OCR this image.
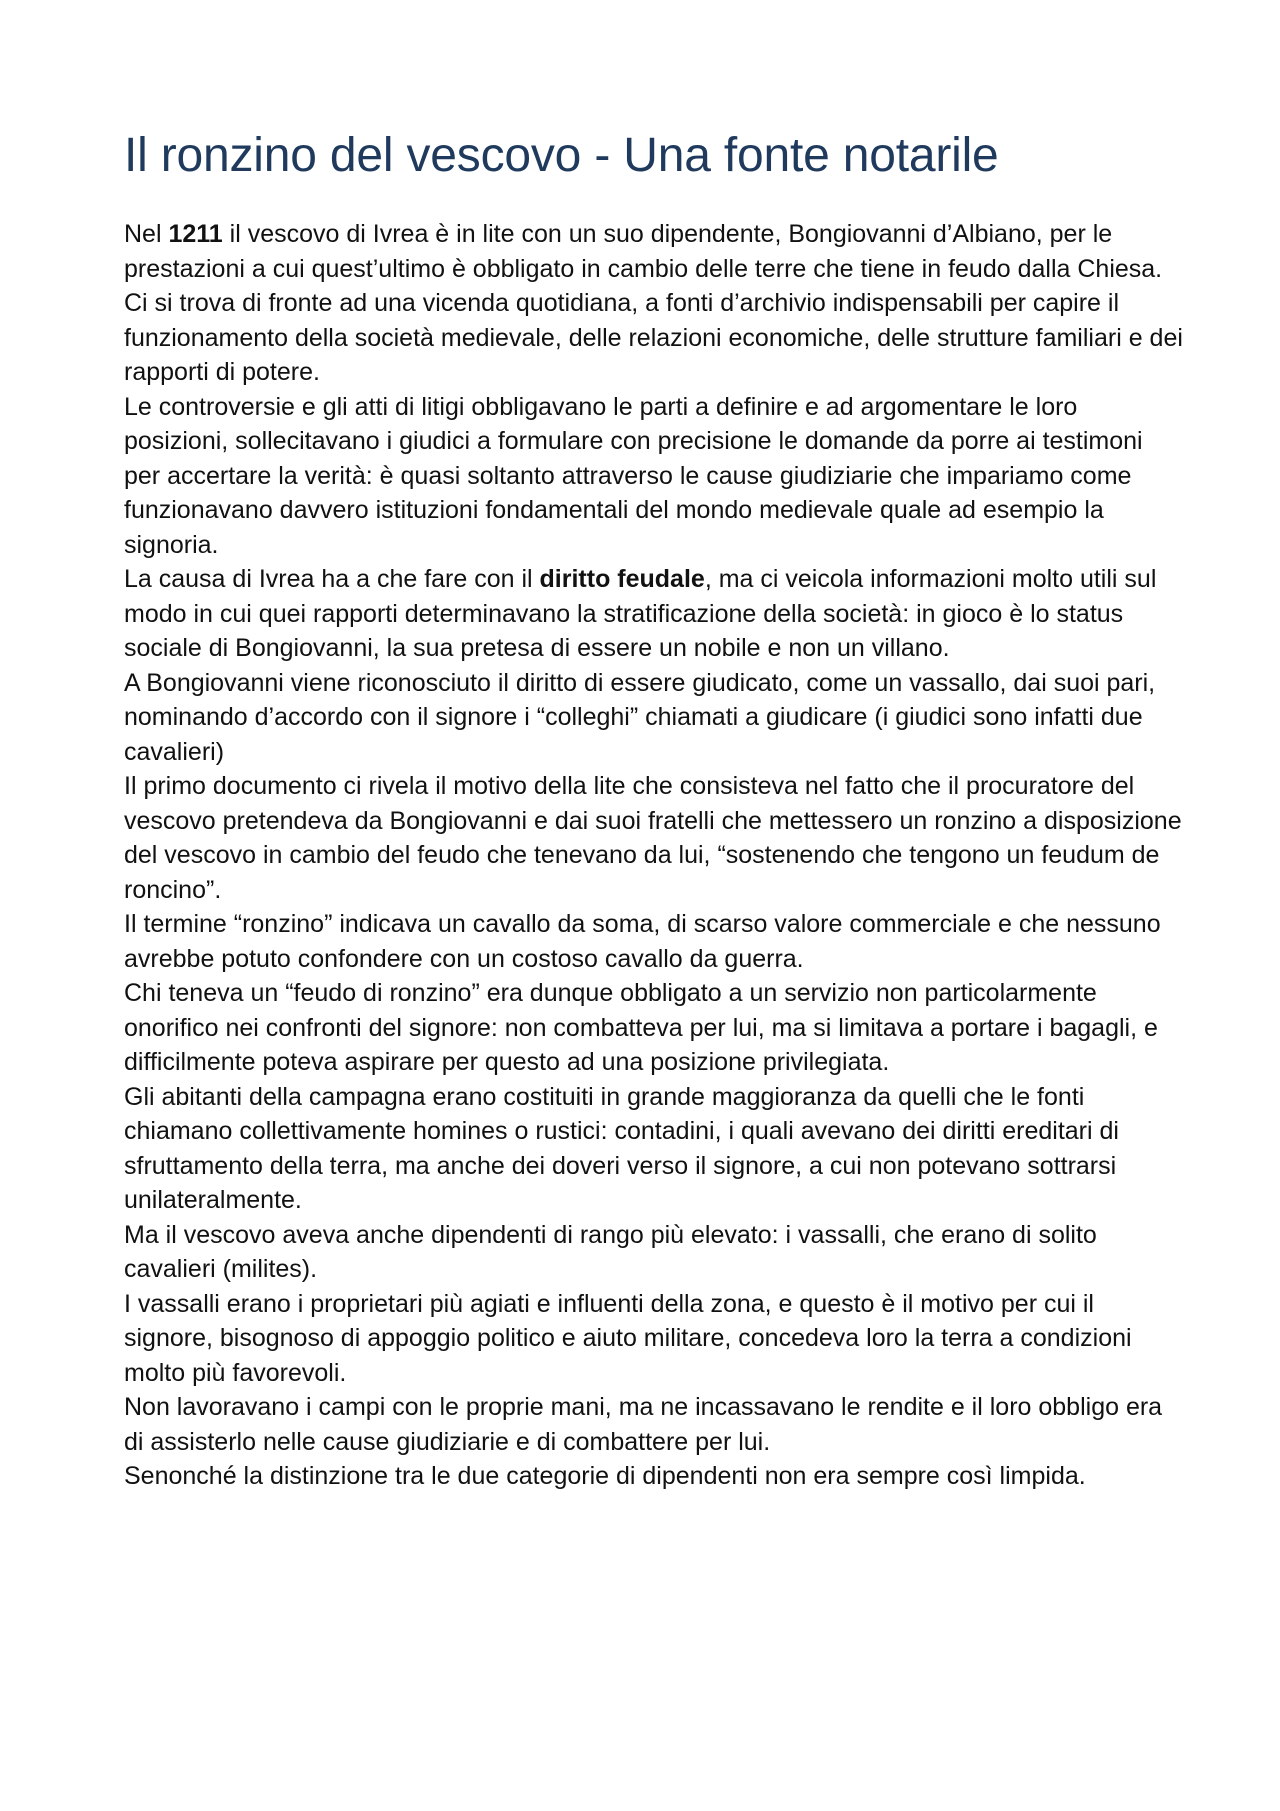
Il ronzino del vescovo - Una fonte notarile

Nel 1211 il vescovo di Ivrea è in lite con un suo dipendente, Bongiovanni d’Albiano, per le prestazioni a cui quest’ultimo è obbligato in cambio delle terre che tiene in feudo dalla Chiesa.

Ci si trova di fronte ad una vicenda quotidiana, a fonti d’archivio indispensabili per capire il funzionamento della società medievale, delle relazioni economiche, delle strutture familiari e dei rapporti di potere.

Le controversie e gli atti di litigi obbligavano le parti a definire e ad argomentare le loro posizioni, sollecitavano i giudici a formulare con precisione le domande da porre ai testimoni per accertare la verità: è quasi soltanto attraverso le cause giudiziarie che impariamo come funzionavano davvero istituzioni fondamentali del mondo medievale quale ad esempio la signoria.

La causa di Ivrea ha a che fare con il diritto feudale, ma ci veicola informazioni molto utili sul modo in cui quei rapporti determinavano la stratificazione della società: in gioco è lo status sociale di Bongiovanni, la sua pretesa di essere un nobile e non un villano.

A Bongiovanni viene riconosciuto il diritto di essere giudicato, come un vassallo, dai suoi pari, nominando d’accordo con il signore i “colleghi” chiamati a giudicare (i giudici sono infatti due cavalieri)

Il primo documento ci rivela il motivo della lite che consisteva nel fatto che il procuratore del vescovo pretendeva da Bongiovanni e dai suoi fratelli che mettessero un ronzino a disposizione del vescovo in cambio del feudo che tenevano da lui, “sostenendo che tengono un feudum de roncino”.

Il termine “ronzino” indicava un cavallo da soma, di scarso valore commerciale e che nessuno avrebbe potuto confondere con un costoso cavallo da guerra.

Chi teneva un “feudo di ronzino” era dunque obbligato a un servizio non particolarmente onorifico nei confronti del signore: non combatteva per lui, ma si limitava a portare i bagagli, e difficilmente poteva aspirare per questo ad una posizione privilegiata.

Gli abitanti della campagna erano costituiti in grande maggioranza da quelli che le fonti chiamano collettivamente homines o rustici: contadini, i quali avevano dei diritti ereditari di sfruttamento della terra, ma anche dei doveri verso il signore, a cui non potevano sottrarsi unilateralmente.

Ma il vescovo aveva anche dipendenti di rango più elevato: i vassalli, che erano di solito cavalieri (milites).

I vassalli erano i proprietari più agiati e influenti della zona, e questo è il motivo per cui il signore, bisognoso di appoggio politico e aiuto militare, concedeva loro la terra a condizioni molto più favorevoli.

Non lavoravano i campi con le proprie mani, ma ne incassavano le rendite e il loro obbligo era di assisterlo nelle cause giudiziarie e di combattere per lui.

Senonché la distinzione tra le due categorie di dipendenti non era sempre così limpida.
